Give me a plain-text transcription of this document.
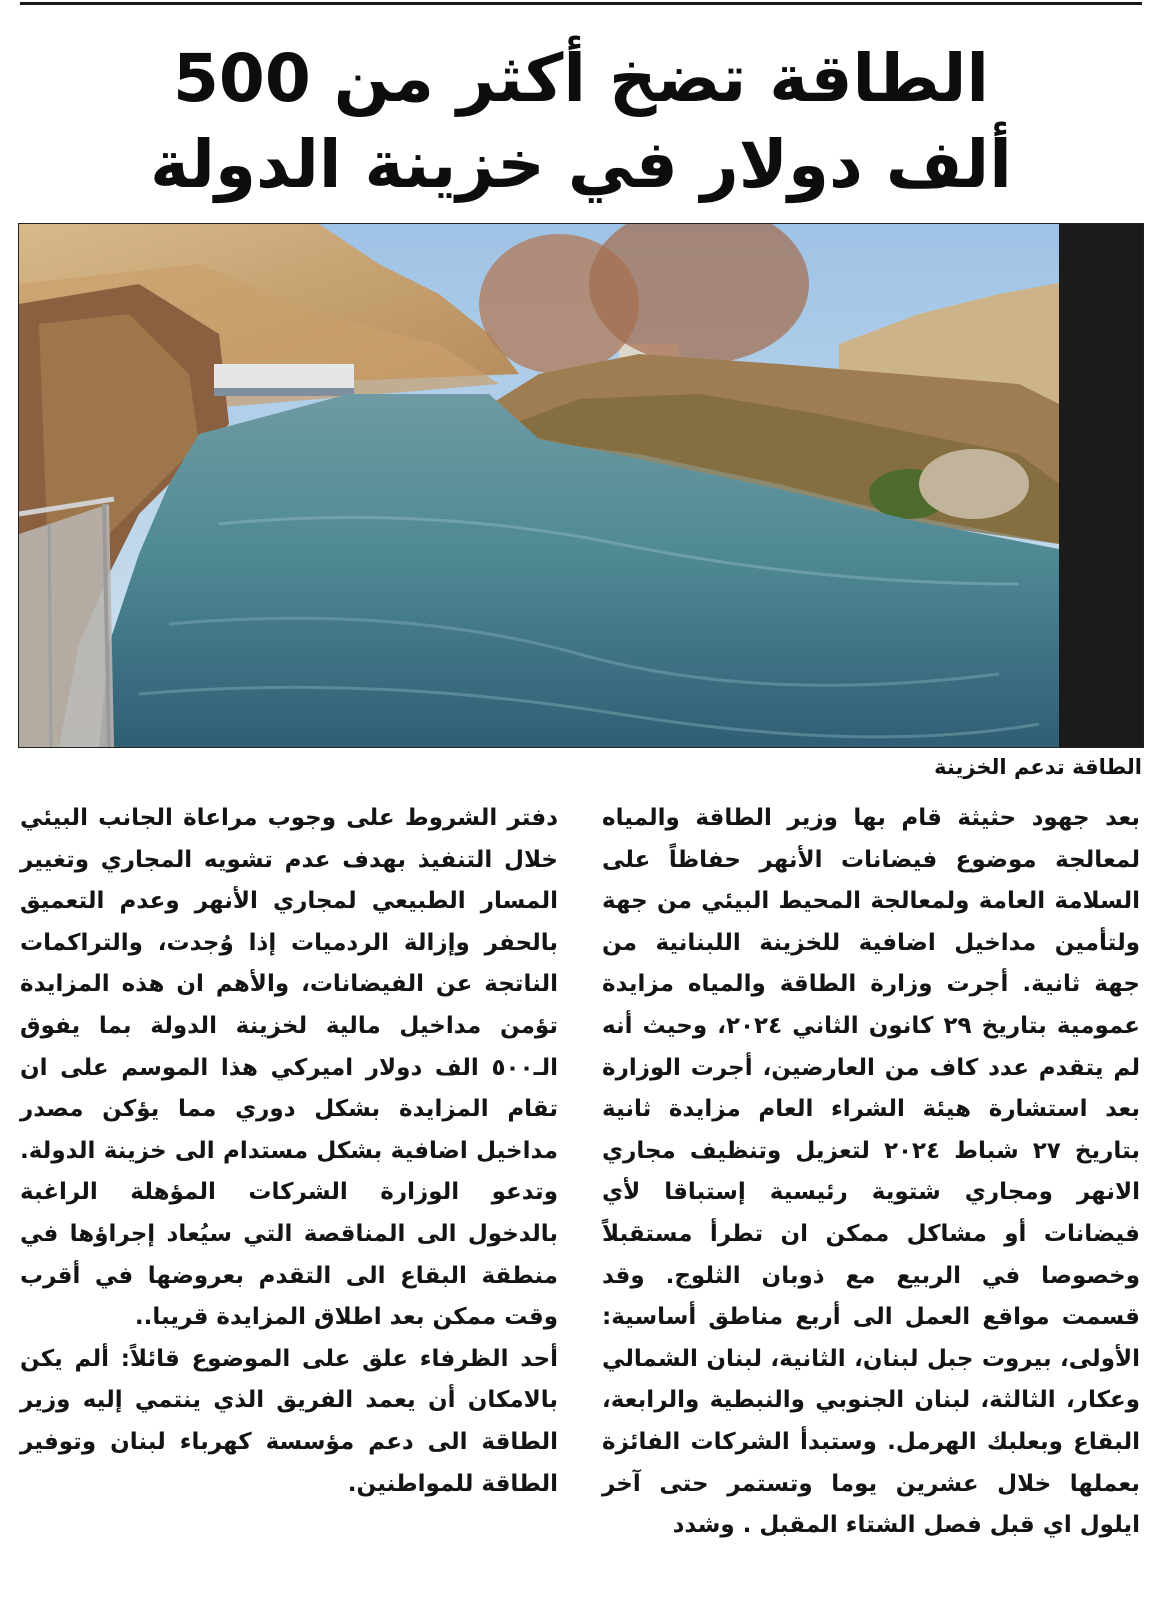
الطاقة تضخ أكثر من 500
ألف دولار في خزينة الدولة
الطاقة تدعم الخزينة

بعد جهود حثيثة قام بها وزير الطاقة والمياه لمعالجة موضوع فيضانات الأنهر حفاظاً على السلامة العامة ولمعالجة المحيط البيئي من جهة ولتأمين مداخيل اضافية للخزينة اللبنانية من جهة ثانية. أجرت وزارة الطاقة والمياه مزايدة عمومية بتاريخ ٢٩ كانون الثاني ٢٠٢٤، وحيث أنه لم يتقدم عدد كاف من العارضين، أجرت الوزارة بعد استشارة هيئة الشراء العام مزايدة ثانية بتاريخ ٢٧ شباط ٢٠٢٤ لتعزيل وتنظيف مجاري الانهر ومجاري شتوية رئيسية إستباقا لأي فيضانات أو مشاكل ممكن ان تطرأ مستقبلاً وخصوصا في الربيع مع ذوبان الثلوج. وقد قسمت مواقع العمل الى أربع مناطق أساسية: الأولى، بيروت جبل لبنان، الثانية، لبنان الشمالي وعكار، الثالثة، لبنان الجنوبي والنبطية والرابعة، البقاع وبعلبك الهرمل. وستبدأ الشركات الفائزة بعملها خلال عشرين يوما وتستمر حتى آخر ايلول اي قبل فصل الشتاء المقبل . وشدد

دفتر الشروط على وجوب مراعاة الجانب البيئي خلال التنفيذ بهدف عدم تشويه المجاري وتغيير المسار الطبيعي لمجاري الأنهر وعدم التعميق بالحفر وإزالة الردميات إذا وُجدت، والتراكمات الناتجة عن الفيضانات، والأهم ان هذه المزايدة تؤمن مداخيل مالية لخزينة الدولة بما يفوق الـ٥٠٠ الف دولار اميركي هذا الموسم على ان تقام المزايدة بشكل دوري مما يؤكن مصدر مداخيل اضافية بشكل مستدام الى خزينة الدولة. وتدعو الوزارة الشركات المؤهلة الراغبة بالدخول الى المناقصة التي سيُعاد إجراؤها في منطقة البقاع الى التقدم بعروضها في أقرب وقت ممكن بعد اطلاق المزايدة قريبا..

أحد الظرفاء علق على الموضوع قائلاً: ألم يكن بالامكان أن يعمد الفريق الذي ينتمي إليه وزير الطاقة الى دعم مؤسسة كهرباء لبنان وتوفير الطاقة للمواطنين.
